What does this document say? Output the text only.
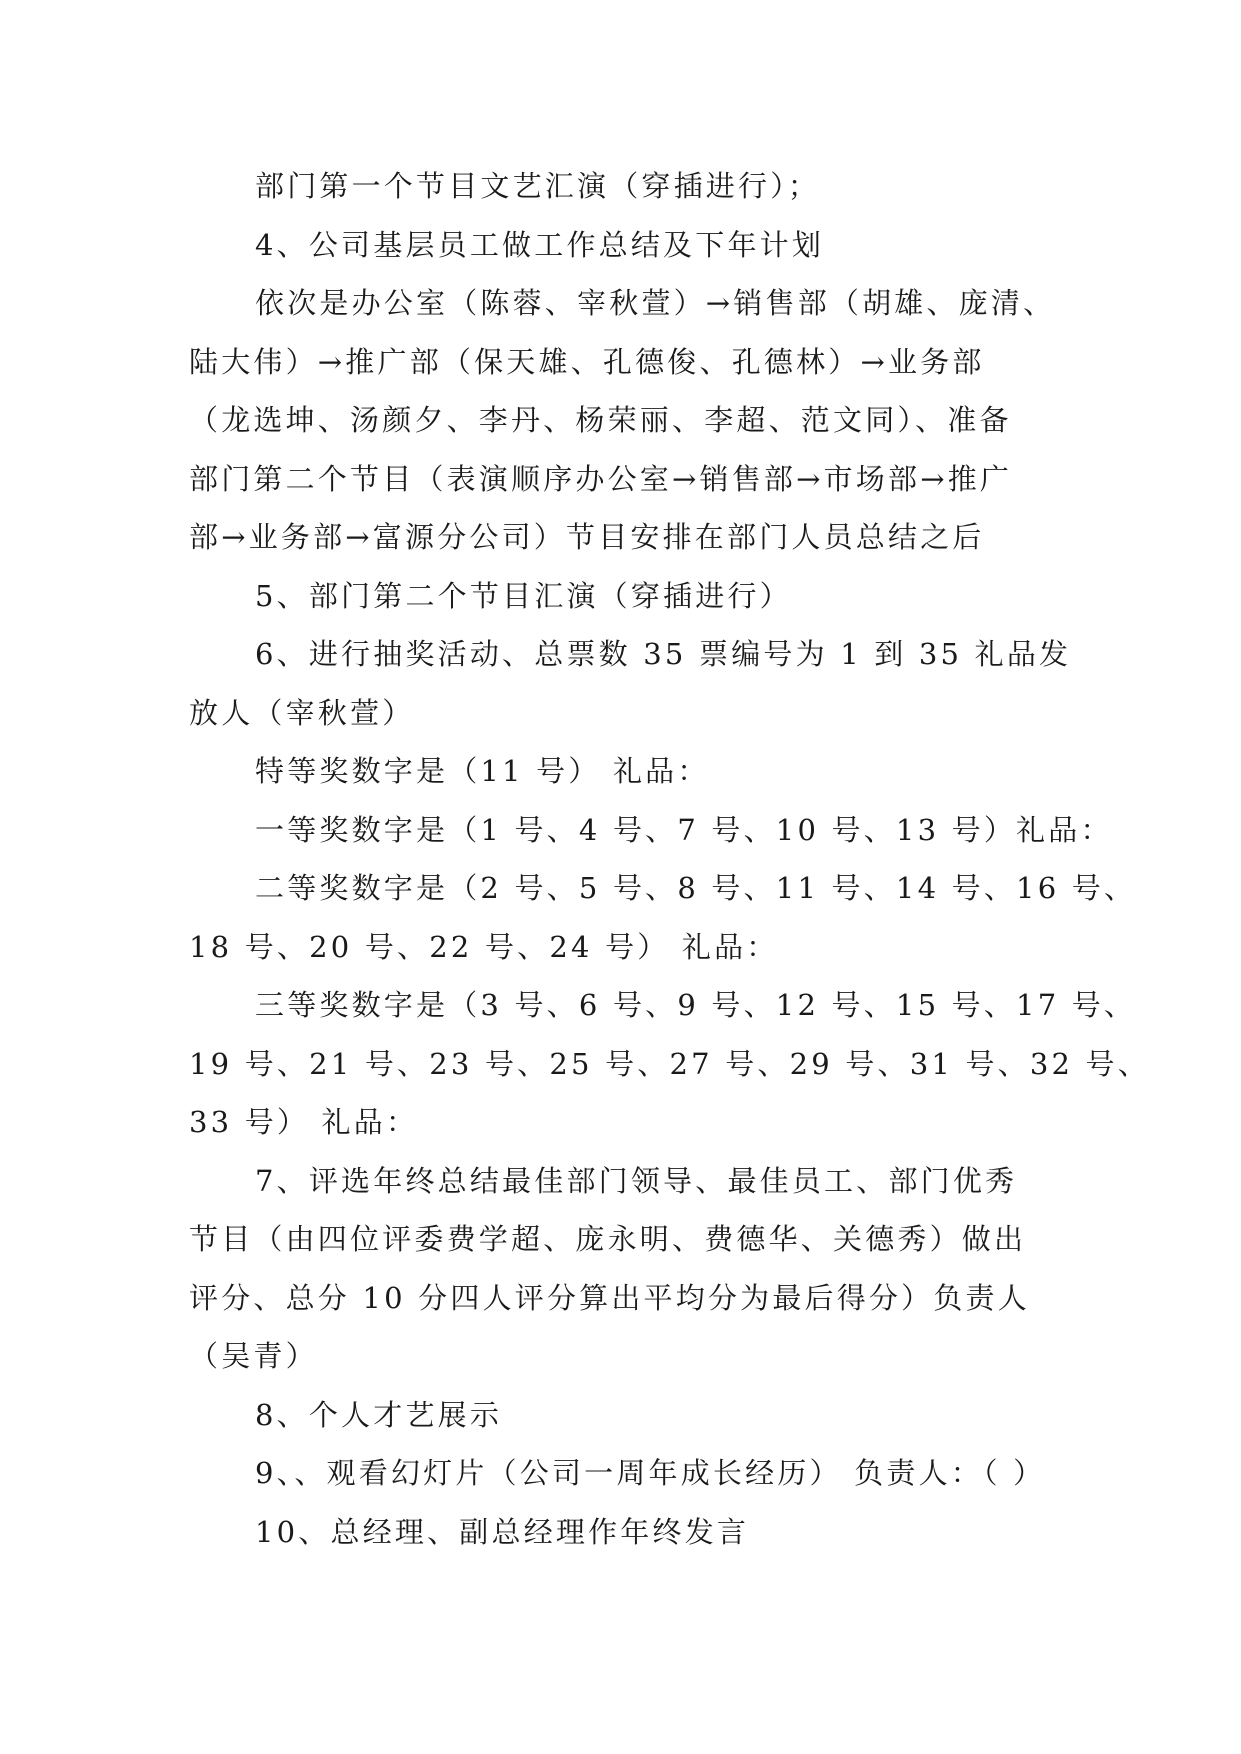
部门第一个节目文艺汇演（穿插进行）；
4、公司基层员工做工作总结及下年计划
依次是办公室（陈蓉、宰秋萱）→销售部（胡雄、庞清、
陆大伟）→推广部（保天雄、孔德俊、孔德林）→业务部
（龙选坤、汤颜夕、李丹、杨荣丽、李超、范文同）、准备
部门第二个节目（表演顺序办公室→销售部→市场部→推广
部→业务部→富源分公司）节目安排在部门人员总结之后
5、部门第二个节目汇演（穿插进行）
6、进行抽奖活动、总票数 35 票编号为 1 到 35 礼品发
放人（宰秋萱）
特等奖数字是（11 号） 礼品：
一等奖数字是（1 号、4 号、7 号、10 号、13 号）礼品：
二等奖数字是（2 号、5 号、8 号、11 号、14 号、16 号、
18 号、20 号、22 号、24 号） 礼品：
三等奖数字是（3 号、6 号、9 号、12 号、15 号、17 号、
19 号、21 号、23 号、25 号、27 号、29 号、31 号、32 号、
33 号） 礼品：
7、评选年终总结最佳部门领导、最佳员工、部门优秀
节目（由四位评委费学超、庞永明、费德华、关德秀）做出
评分、总分 10 分四人评分算出平均分为最后得分）负责人
（吴青）
8、个人才艺展示
9、、观看幻灯片（公司一周年成长经历） 负责人：（ ）
10、总经理、副总经理作年终发言
